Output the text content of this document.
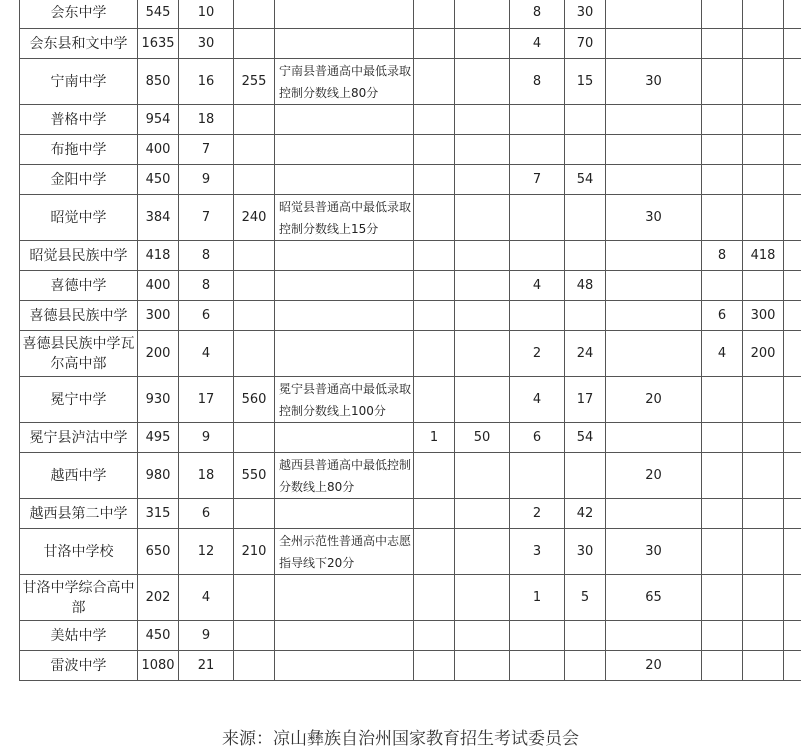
会东中学	545	10					8	30				
会东县和文中学	1635	30					4	70				
宁南中学	850	16	255	宁南县普通高中最低录取控制分数线上80分			8	15	30			
普格中学	954	18										
布拖中学	400	7										
金阳中学	450	9					7	54				
昭觉中学	384	7	240	昭觉县普通高中最低录取控制分数线上15分					30			
昭觉县民族中学	418	8								8	418	
喜德中学	400	8					4	48				
喜德县民族中学	300	6								6	300	
喜德县民族中学瓦尔高中部	200	4					2	24		4	200	
冕宁中学	930	17	560	冕宁县普通高中最低录取控制分数线上100分			4	17	20			
冕宁县泸沽中学	495	9			1	50	6	54				
越西中学	980	18	550	越西县普通高中最低控制分数线上80分					20			
越西县第二中学	315	6					2	42				
甘洛中学校	650	12	210	全州示范性普通高中志愿指导线下20分			3	30	30			
甘洛中学综合高中部	202	4					1	5	65			
美姑中学	450	9										
雷波中学	1080	21							20			
来源：凉山彝族自治州国家教育招生考试委员会
